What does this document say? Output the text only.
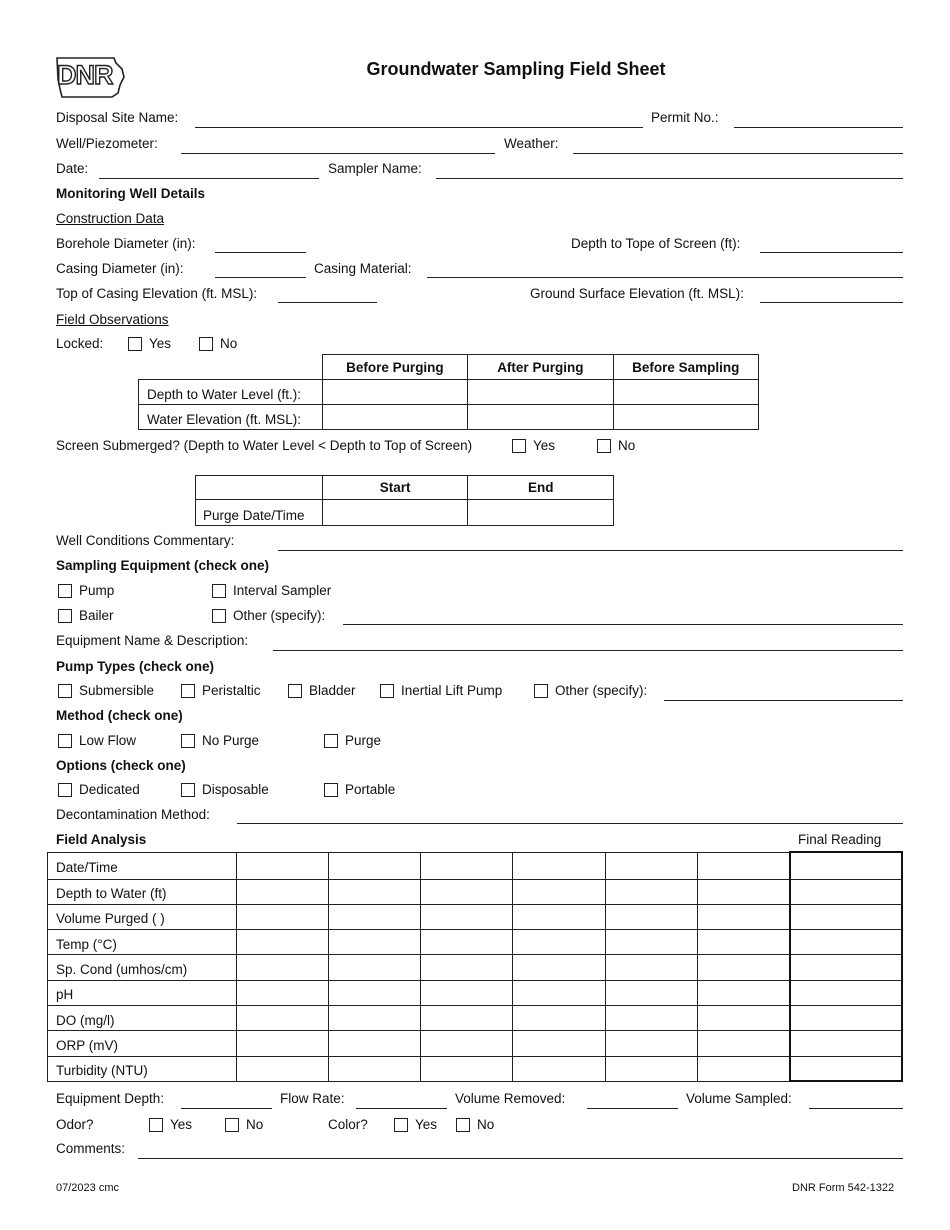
DNR	Groundwater Sampling Field Sheet
Disposal Site Name:	Permit No.:
Well/Piezometer:	Weather:
Date:	Sampler Name:
Monitoring Well Details
Construction Data
Borehole Diameter (in):	Depth to Tope of Screen (ft):
Casing Diameter (in):	Casing Material:
Top of Casing Elevation (ft. MSL):	Ground Surface Elevation (ft. MSL):
Field Observations
Locked:	Yes	No
	Before Purging	After Purging	Before Sampling
Depth to Water Level (ft.):			
Water Elevation (ft. MSL):			
Screen Submerged? (Depth to Water Level < Depth to Top of Screen)	Yes	No
	Start	End
Purge Date/Time		
Well Conditions Commentary:
Sampling Equipment (check one)
Pump	Interval Sampler
Bailer	Other (specify):
Equipment Name & Description:
Pump Types (check one)
Submersible	Peristaltic	Bladder	Inertial Lift Pump	Other (specify):
Method (check one)
Low Flow	No Purge	Purge
Options (check one)
Dedicated	Disposable	Portable
Decontamination Method:
Field Analysis	Final Reading
Date/Time							
Depth to Water (ft)							
Volume Purged ( )							
Temp (°C)							
Sp. Cond (umhos/cm)							
pH							
DO (mg/l)							
ORP (mV)							
Turbidity (NTU)							
Equipment Depth:	Flow Rate:	Volume Removed:	Volume Sampled:
Odor?	Yes	No	Color?	Yes	No
Comments:
07/2023 cmc	DNR Form 542-1322
